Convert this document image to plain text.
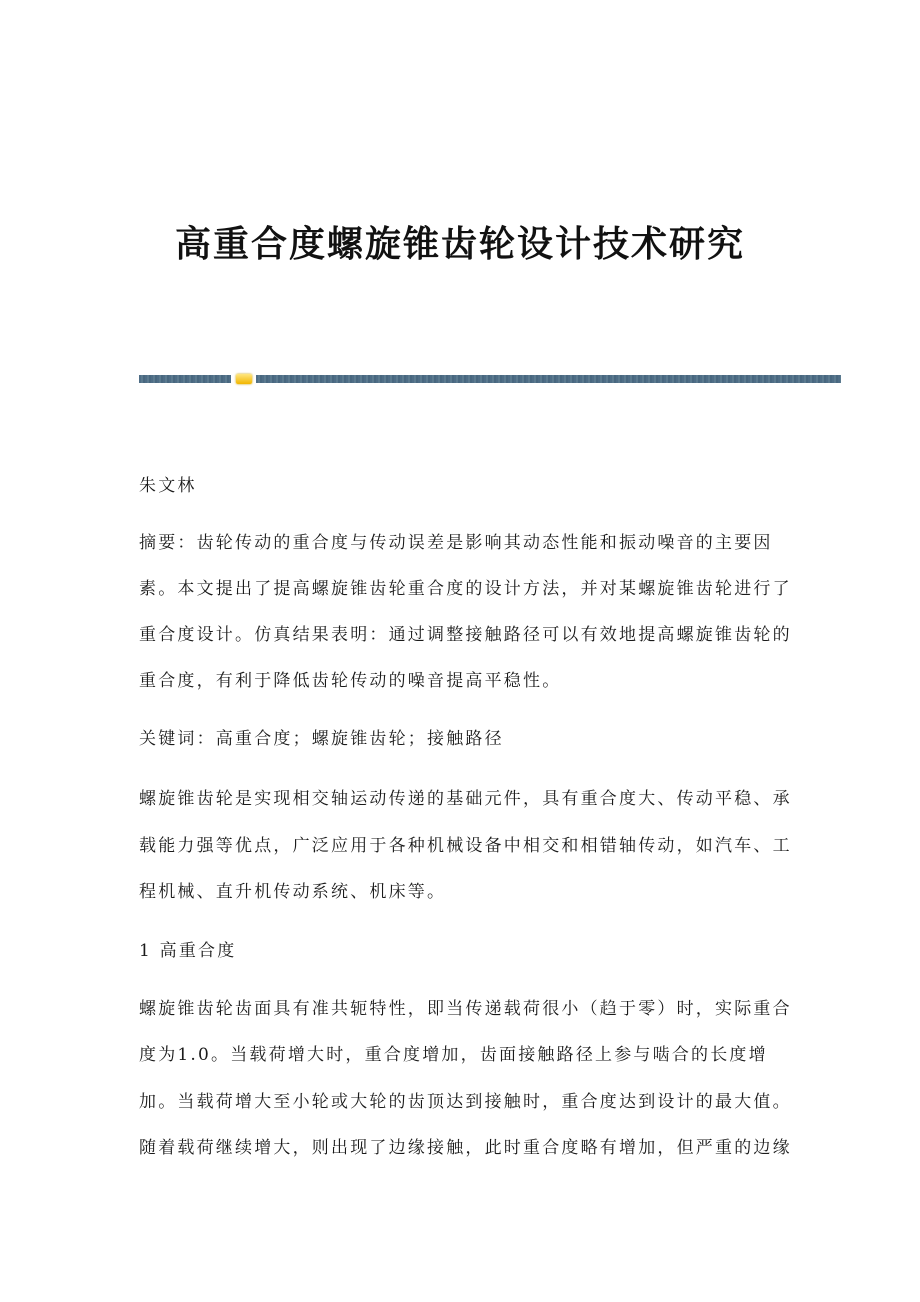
高重合度螺旋锥齿轮设计技术研究
朱文林
摘要：齿轮传动的重合度与传动误差是影响其动态性能和振动噪音的主要因
素。本文提出了提高螺旋锥齿轮重合度的设计方法，并对某螺旋锥齿轮进行了
重合度设计。仿真结果表明：通过调整接触路径可以有效地提高螺旋锥齿轮的
重合度，有利于降低齿轮传动的噪音提高平稳性。
关键词：高重合度；螺旋锥齿轮；接触路径
螺旋锥齿轮是实现相交轴运动传递的基础元件，具有重合度大、传动平稳、承
载能力强等优点，广泛应用于各种机械设备中相交和相错轴传动，如汽车、工
程机械、直升机传动系统、机床等。
1 高重合度
螺旋锥齿轮齿面具有准共轭特性，即当传递载荷很小（趋于零）时，实际重合
度为1.0。当载荷增大时，重合度增加，齿面接触路径上参与啮合的长度增
加。当载荷增大至小轮或大轮的齿顶达到接触时，重合度达到设计的最大值。
随着载荷继续增大，则出现了边缘接触，此时重合度略有增加，但严重的边缘
